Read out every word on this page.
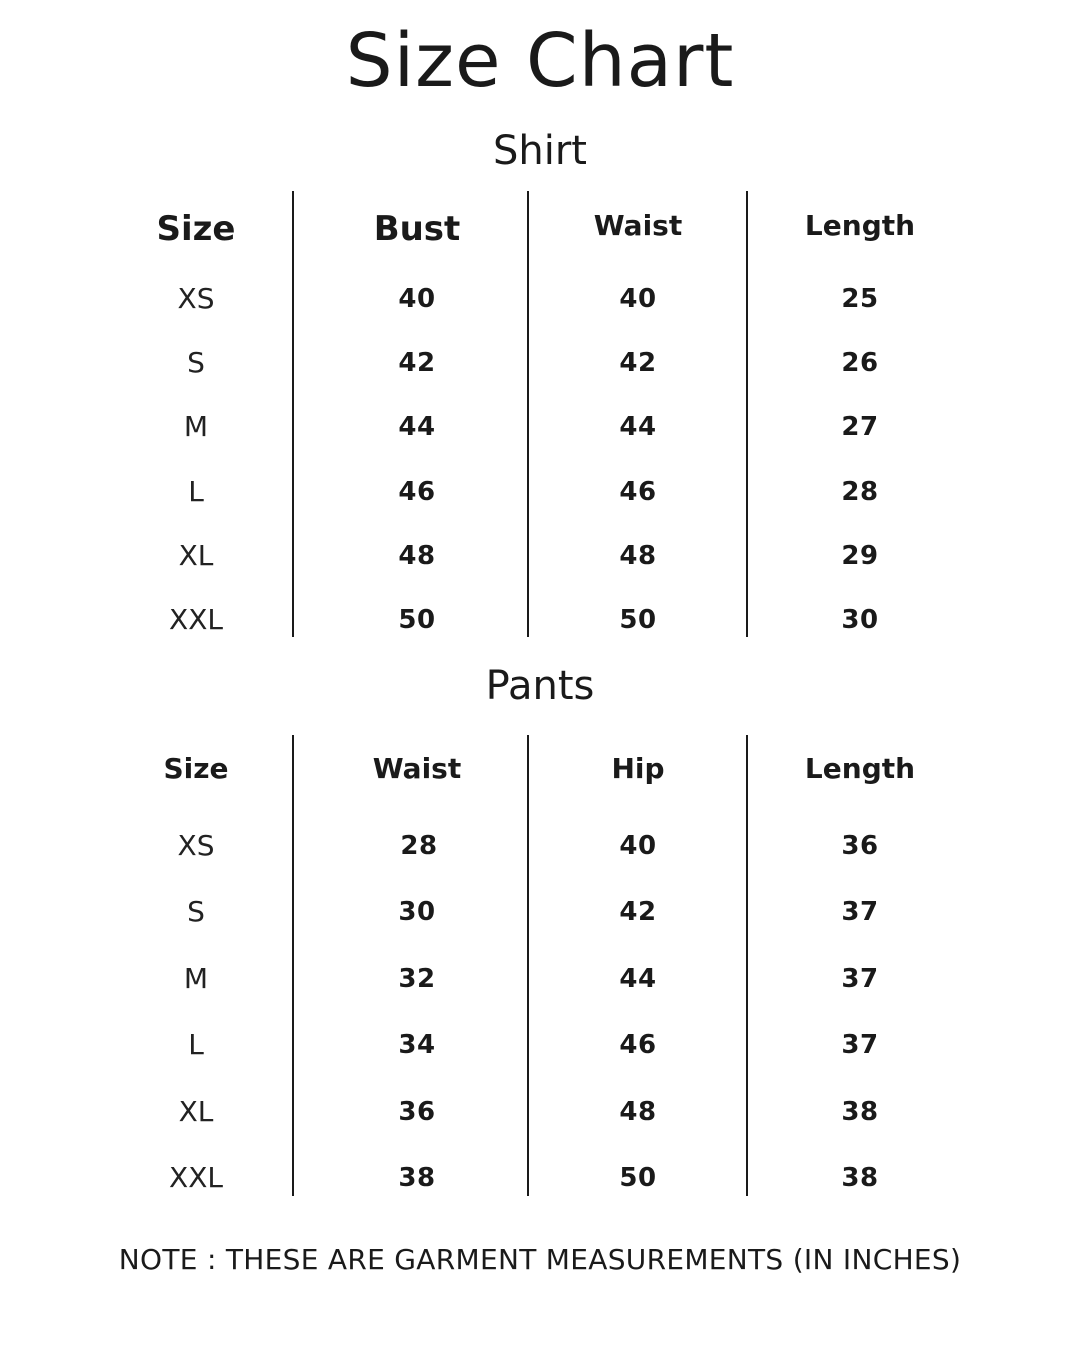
Size Chart
Shirt
Size	Bust	Waist	Length
XS	40	40	25
S	42	42	26
M	44	44	27
L	46	46	28
XL	48	48	29
XXL	50	50	30
Pants
Size	Waist	Hip	Length
XS	28	40	36
S	30	42	37
M	32	44	37
L	34	46	37
XL	36	48	38
XXL	38	50	38
NOTE : THESE ARE GARMENT MEASUREMENTS (IN INCHES)
